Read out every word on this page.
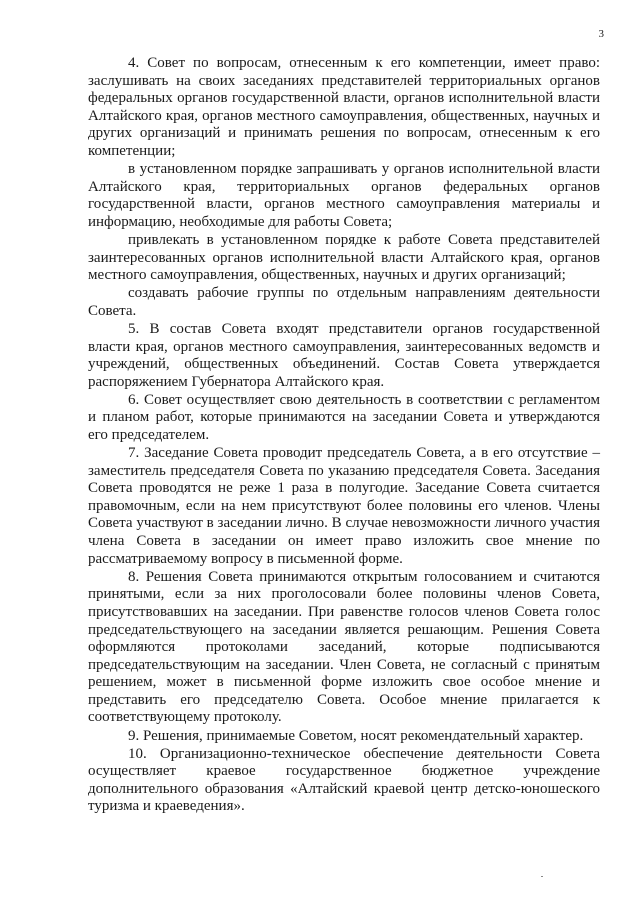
3

4. Совет по вопросам, отнесенным к его компетенции, имеет право: заслушивать на своих заседаниях представителей территориальных органов федеральных органов государственной власти, органов исполнительной власти Алтайского края, органов местного самоуправления, общественных, научных и других организаций и принимать решения по вопросам, отнесенным к его компетенции;

в установленном порядке запрашивать у органов исполнительной власти Алтайского края, территориальных органов федеральных органов государственной власти, органов местного самоуправления материалы и информацию, необходимые для работы Совета;

привлекать в установленном порядке к работе Совета представителей заинтересованных органов исполнительной власти Алтайского края, органов местного самоуправления, общественных, научных и других организаций;

создавать рабочие группы по отдельным направлениям деятельности Совета.

5. В состав Совета входят представители органов государственной власти края, органов местного самоуправления, заинтересованных ведомств и учреждений, общественных объединений. Состав Совета утверждается распоряжением Губернатора Алтайского края.

6. Совет осуществляет свою деятельность в соответствии с регламентом и планом работ, которые принимаются на заседании Совета и утверждаются его председателем.

7. Заседание Совета проводит председатель Совета, а в его отсутствие – заместитель председателя Совета по указанию председателя Совета. Заседания Совета проводятся не реже 1 раза в полугодие. Заседание Совета считается правомочным, если на нем присутствуют более половины его членов. Члены Совета участвуют в заседании лично. В случае невозможности личного участия члена Совета в заседании он имеет право изложить свое мнение по рассматриваемому вопросу в письменной форме.

8. Решения Совета принимаются открытым голосованием и считаются принятыми, если за них проголосовали более половины членов Совета, присутствовавших на заседании. При равенстве голосов членов Совета голос председательствующего на заседании является решающим. Решения Совета оформляются протоколами заседаний, которые подписываются председательствующим на заседании. Член Совета, не согласный с принятым решением, может в письменной форме изложить свое особое мнение и представить его председателю Совета. Особое мнение прилагается к соответствующему протоколу.

9. Решения, принимаемые Советом, носят рекомендательный характер.

10. Организационно-техническое обеспечение деятельности Совета осуществляет краевое государственное бюджетное учреждение дополнительного образования «Алтайский краевой центр детско-юношеского туризма и краеведения».
